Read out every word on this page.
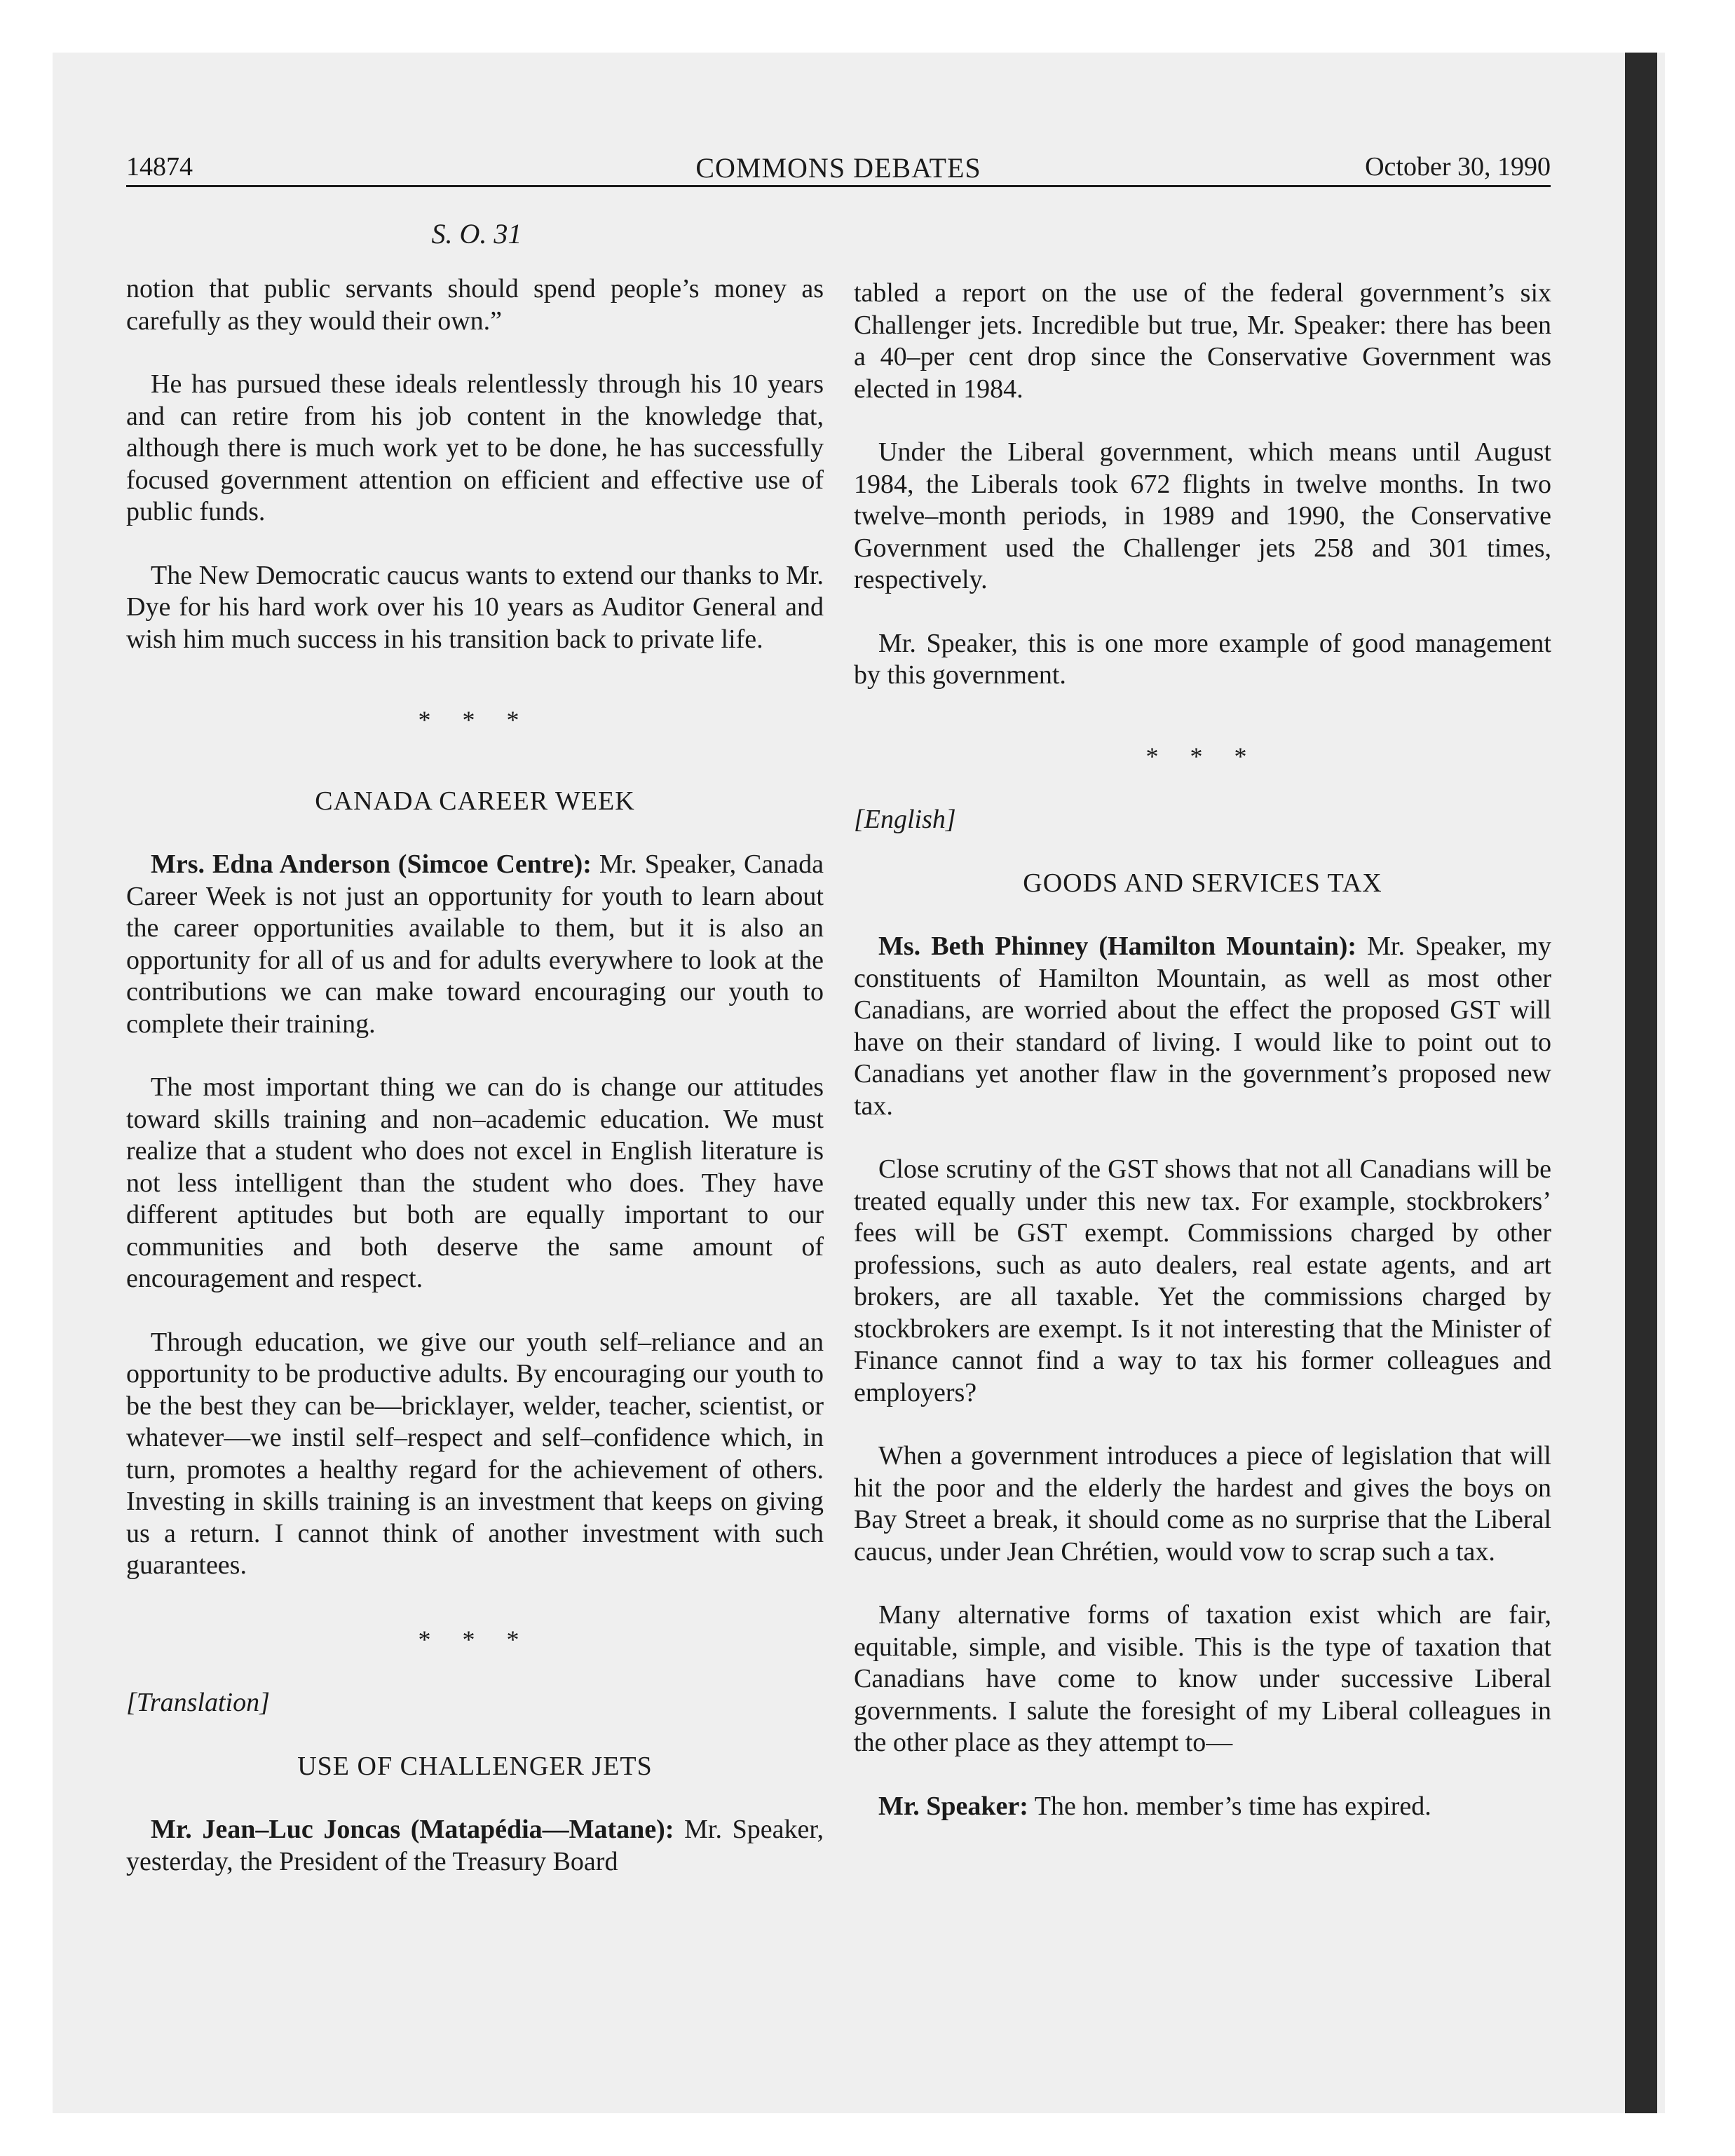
14874	COMMONS DEBATES	October 30, 1990
S. O. 31

notion that public servants should spend people’s money as carefully as they would their own.”

He has pursued these ideals relentlessly through his 10 years and can retire from his job content in the knowledge that, although there is much work yet to be done, he has successfully focused government attention on efficient and effective use of public funds.

The New Democratic caucus wants to extend our thanks to Mr. Dye for his hard work over his 10 years as Auditor General and wish him much success in his transition back to private life.

* * *
CANADA CAREER WEEK

Mrs. Edna Anderson (Simcoe Centre): Mr. Speaker, Canada Career Week is not just an opportunity for youth to learn about the career opportunities available to them, but it is also an opportunity for all of us and for adults everywhere to look at the contributions we can make toward encouraging our youth to complete their training.

The most important thing we can do is change our attitudes toward skills training and non–academic education. We must realize that a student who does not excel in English literature is not less intelligent than the student who does. They have different aptitudes but both are equally important to our communities and both deserve the same amount of encouragement and respect.

Through education, we give our youth self–reliance and an opportunity to be productive adults. By encouraging our youth to be the best they can be—bricklayer, welder, teacher, scientist, or whatever—we instil self–respect and self–confidence which, in turn, promotes a healthy regard for the achievement of others. Investing in skills training is an investment that keeps on giving us a return. I cannot think of another investment with such guarantees.

* * *
[Translation]
USE OF CHALLENGER JETS

Mr. Jean–Luc Joncas (Matapédia—Matane): Mr. Speaker, yesterday, the President of the Treasury Board

tabled a report on the use of the federal government’s six Challenger jets. Incredible but true, Mr. Speaker: there has been a 40–per cent drop since the Conservative Government was elected in 1984.

Under the Liberal government, which means until August 1984, the Liberals took 672 flights in twelve months. In two twelve–month periods, in 1989 and 1990, the Conservative Government used the Challenger jets 258 and 301 times, respectively.

Mr. Speaker, this is one more example of good management by this government.

* * *
[English]
GOODS AND SERVICES TAX

Ms. Beth Phinney (Hamilton Mountain): Mr. Speaker, my constituents of Hamilton Mountain, as well as most other Canadians, are worried about the effect the proposed GST will have on their standard of living. I would like to point out to Canadians yet another flaw in the government’s proposed new tax.

Close scrutiny of the GST shows that not all Canadians will be treated equally under this new tax. For example, stockbrokers’ fees will be GST exempt. Commissions charged by other professions, such as auto dealers, real estate agents, and art brokers, are all taxable. Yet the commissions charged by stockbrokers are exempt. Is it not interesting that the Minister of Finance cannot find a way to tax his former colleagues and employers?

When a government introduces a piece of legislation that will hit the poor and the elderly the hardest and gives the boys on Bay Street a break, it should come as no surprise that the Liberal caucus, under Jean Chrétien, would vow to scrap such a tax.

Many alternative forms of taxation exist which are fair, equitable, simple, and visible. This is the type of taxation that Canadians have come to know under successive Liberal governments. I salute the foresight of my Liberal colleagues in the other place as they attempt to—

Mr. Speaker: The hon. member’s time has expired.
